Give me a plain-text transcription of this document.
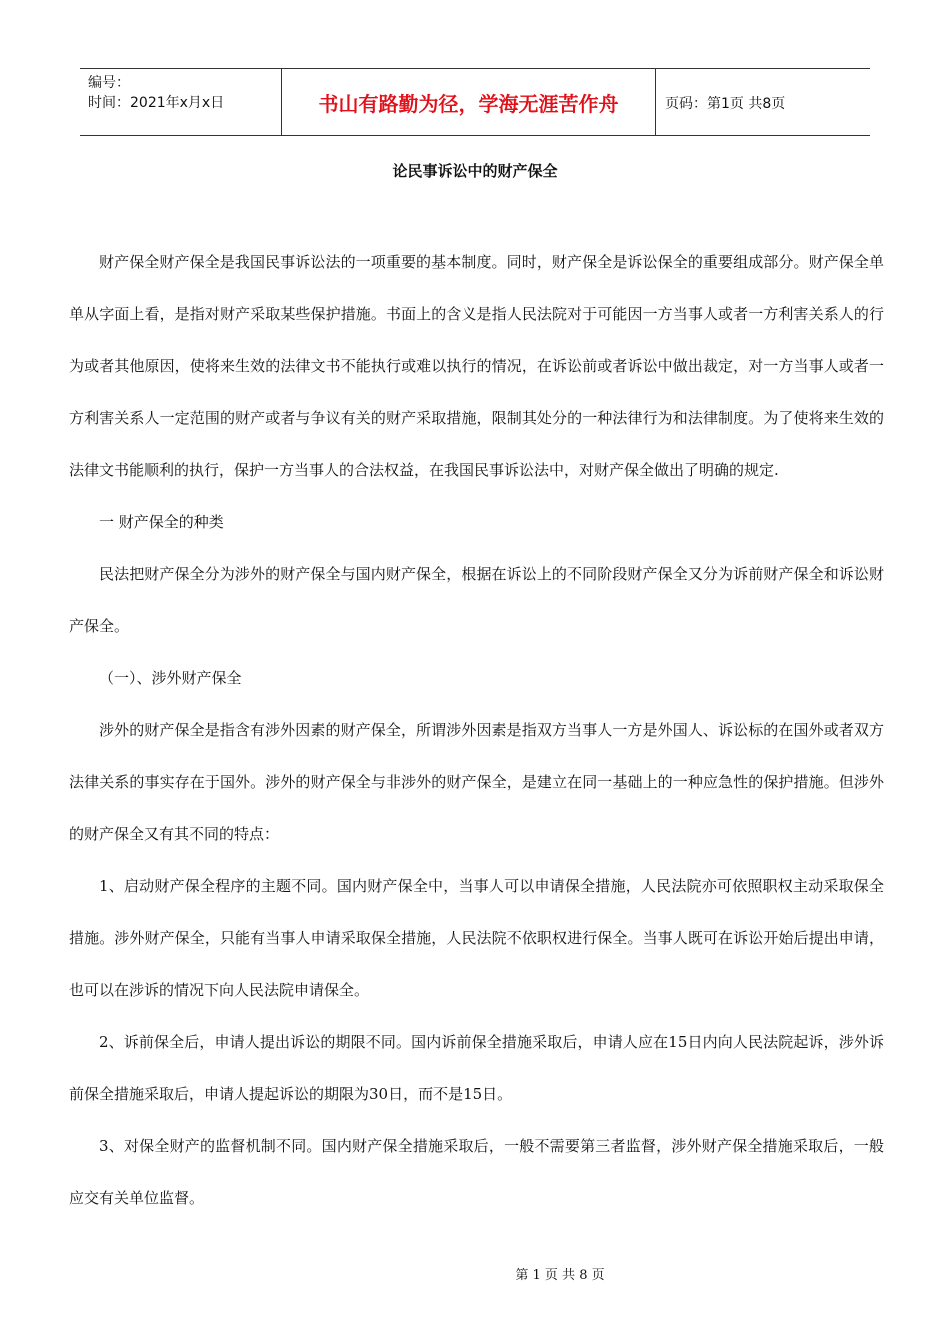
编号：
时间：2021年x月x日	书山有路勤为径，学海无涯苦作舟	页码：第1页 共8页
论民事诉讼中的财产保全

财产保全财产保全是我国民事诉讼法的一项重要的基本制度。同时，财产保全是诉讼保全的重要组成部分。财产保全单单从字面上看，是指对财产采取某些保护措施。书面上的含义是指人民法院对于可能因一方当事人或者一方利害关系人的行为或者其他原因，使将来生效的法律文书不能执行或难以执行的情况，在诉讼前或者诉讼中做出裁定，对一方当事人或者一方利害关系人一定范围的财产或者与争议有关的财产采取措施，限制其处分的一种法律行为和法律制度。为了使将来生效的法律文书能顺利的执行，保护一方当事人的合法权益，在我国民事诉讼法中，对财产保全做出了明确的规定.

一 财产保全的种类

民法把财产保全分为涉外的财产保全与国内财产保全，根据在诉讼上的不同阶段财产保全又分为诉前财产保全和诉讼财产保全。

（一）、涉外财产保全

涉外的财产保全是指含有涉外因素的财产保全，所谓涉外因素是指双方当事人一方是外国人、诉讼标的在国外或者双方法律关系的事实存在于国外。涉外的财产保全与非涉外的财产保全，是建立在同一基础上的一种应急性的保护措施。但涉外的财产保全又有其不同的特点：

1、启动财产保全程序的主题不同。国内财产保全中，当事人可以申请保全措施，人民法院亦可依照职权主动采取保全措施。涉外财产保全，只能有当事人申请采取保全措施，人民法院不依职权进行保全。当事人既可在诉讼开始后提出申请，也可以在涉诉的情况下向人民法院申请保全。

2、诉前保全后，申请人提出诉讼的期限不同。国内诉前保全措施采取后，申请人应在15日内向人民法院起诉，涉外诉前保全措施采取后，申请人提起诉讼的期限为30日，而不是15日。

3、对保全财产的监督机制不同。国内财产保全措施采取后，一般不需要第三者监督，涉外财产保全措施采取后，一般应交有关单位监督。

第 1 页 共 8 页
